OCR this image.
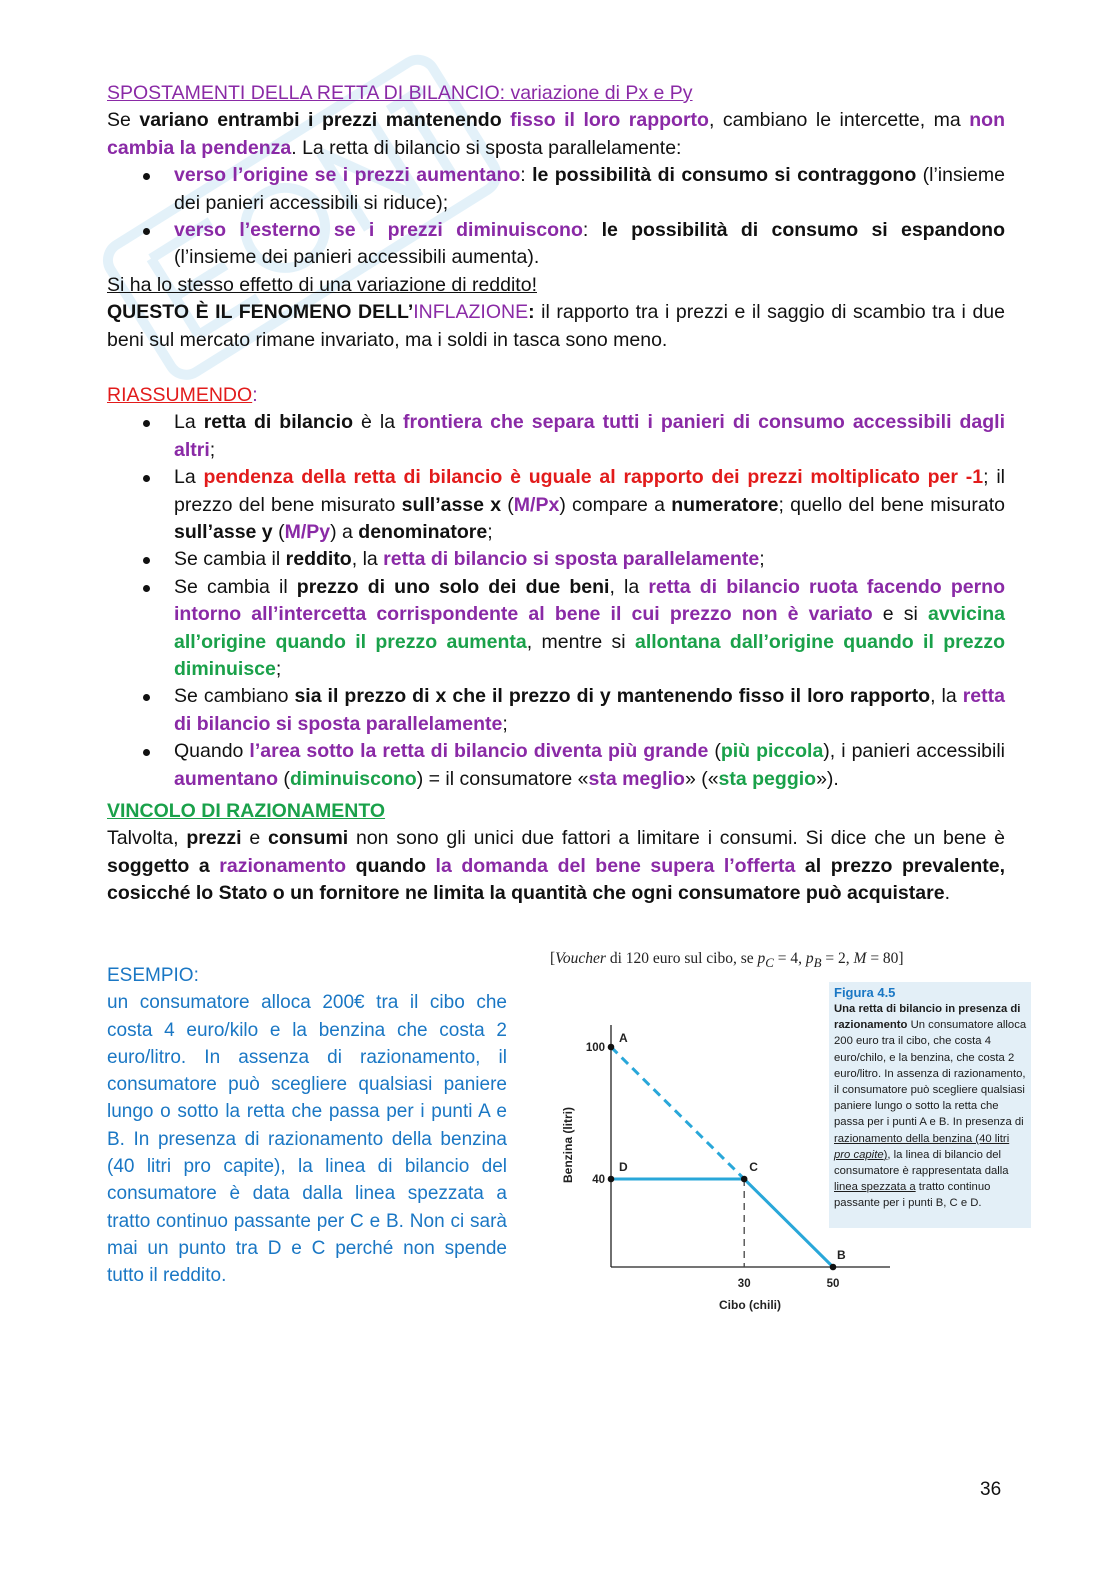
SPOSTAMENTI DELLA RETTA DI BILANCIO: variazione di Px e Py

Se variano entrambi i prezzi mantenendo fisso il loro rapporto, cambiano le intercette, ma non cambia la pendenza. La retta di bilancio si sposta parallelamente:

verso l’origine se i prezzi aumentano: le possibilità di consumo si contraggono (l’insieme dei panieri accessibili si riduce);
verso l’esterno se i prezzi diminuiscono: le possibilità di consumo si espandono (l’insieme dei panieri accessibili aumenta).

Si ha lo stesso effetto di una variazione di reddito!

QUESTO È IL FENOMENO DELL’INFLAZIONE: il rapporto tra i prezzi e il saggio di scambio tra i due beni sul mercato rimane invariato, ma i soldi in tasca sono meno.

RIASSUMENDO:

La retta di bilancio è la frontiera che separa tutti i panieri di consumo accessibili dagli altri;
La pendenza della retta di bilancio è uguale al rapporto dei prezzi moltiplicato per -1; il prezzo del bene misurato sull’asse x (M/Px) compare a numeratore; quello del bene misurato sull’asse y (M/Py) a denominatore;
Se cambia il reddito, la retta di bilancio si sposta parallelamente;
Se cambia il prezzo di uno solo dei due beni, la retta di bilancio ruota facendo perno intorno all’intercetta corrispondente al bene il cui prezzo non è variato e si avvicina all’origine quando il prezzo aumenta, mentre si allontana dall’origine quando il prezzo diminuisce;
Se cambiano sia il prezzo di x che il prezzo di y mantenendo fisso il loro rapporto, la retta di bilancio si sposta parallelamente;
Quando l’area sotto la retta di bilancio diventa più grande (più piccola), i panieri accessibili aumentano (diminuiscono) = il consumatore «sta meglio» («sta peggio»).

VINCOLO DI RAZIONAMENTO

Talvolta, prezzi e consumi non sono gli unici due fattori a limitare i consumi. Si dice che un bene è soggetto a razionamento quando la domanda del bene supera l’offerta al prezzo prevalente, cosicché lo Stato o un fornitore ne limita la quantità che ogni consumatore può acquistare.

ESEMPIO:

un consumatore alloca 200€ tra il cibo che costa 4 euro/kilo e la benzina che costa 2 euro/litro. In assenza di razionamento, il consumatore può scegliere qualsiasi paniere lungo o sotto la retta che passa per i punti A e B. In presenza di razionamento della benzina (40 litri pro capite), la linea di bilancio del consumatore è data dalla linea spezzata a tratto continuo passante per C e B. Non ci sarà mai un punto tra D e C perché non spende tutto il reddito.

[Voucher di 120 euro sul cibo, se $p_C = 4$, $p_B = 2$, M = 80]
Figura 4.5
Una retta di bilancio in presenza di razionamento Un consumatore alloca 200 euro tra il cibo, che costa 4 euro/chilo, e la benzina, che costa 2 euro/litro. In assenza di razionamento, il consumatore può scegliere qualsiasi paniere lungo o sotto la retta che passa per i punti A e B. In presenza di razionamento della benzina (40 litri pro capite), la linea di bilancio del consumatore è rappresentata dalla linea spezzata a tratto continuo passante per i punti B, C e D.
A
D	C
B
100
40
30	50
Cibo (chili)
Benzina (litri)
36
